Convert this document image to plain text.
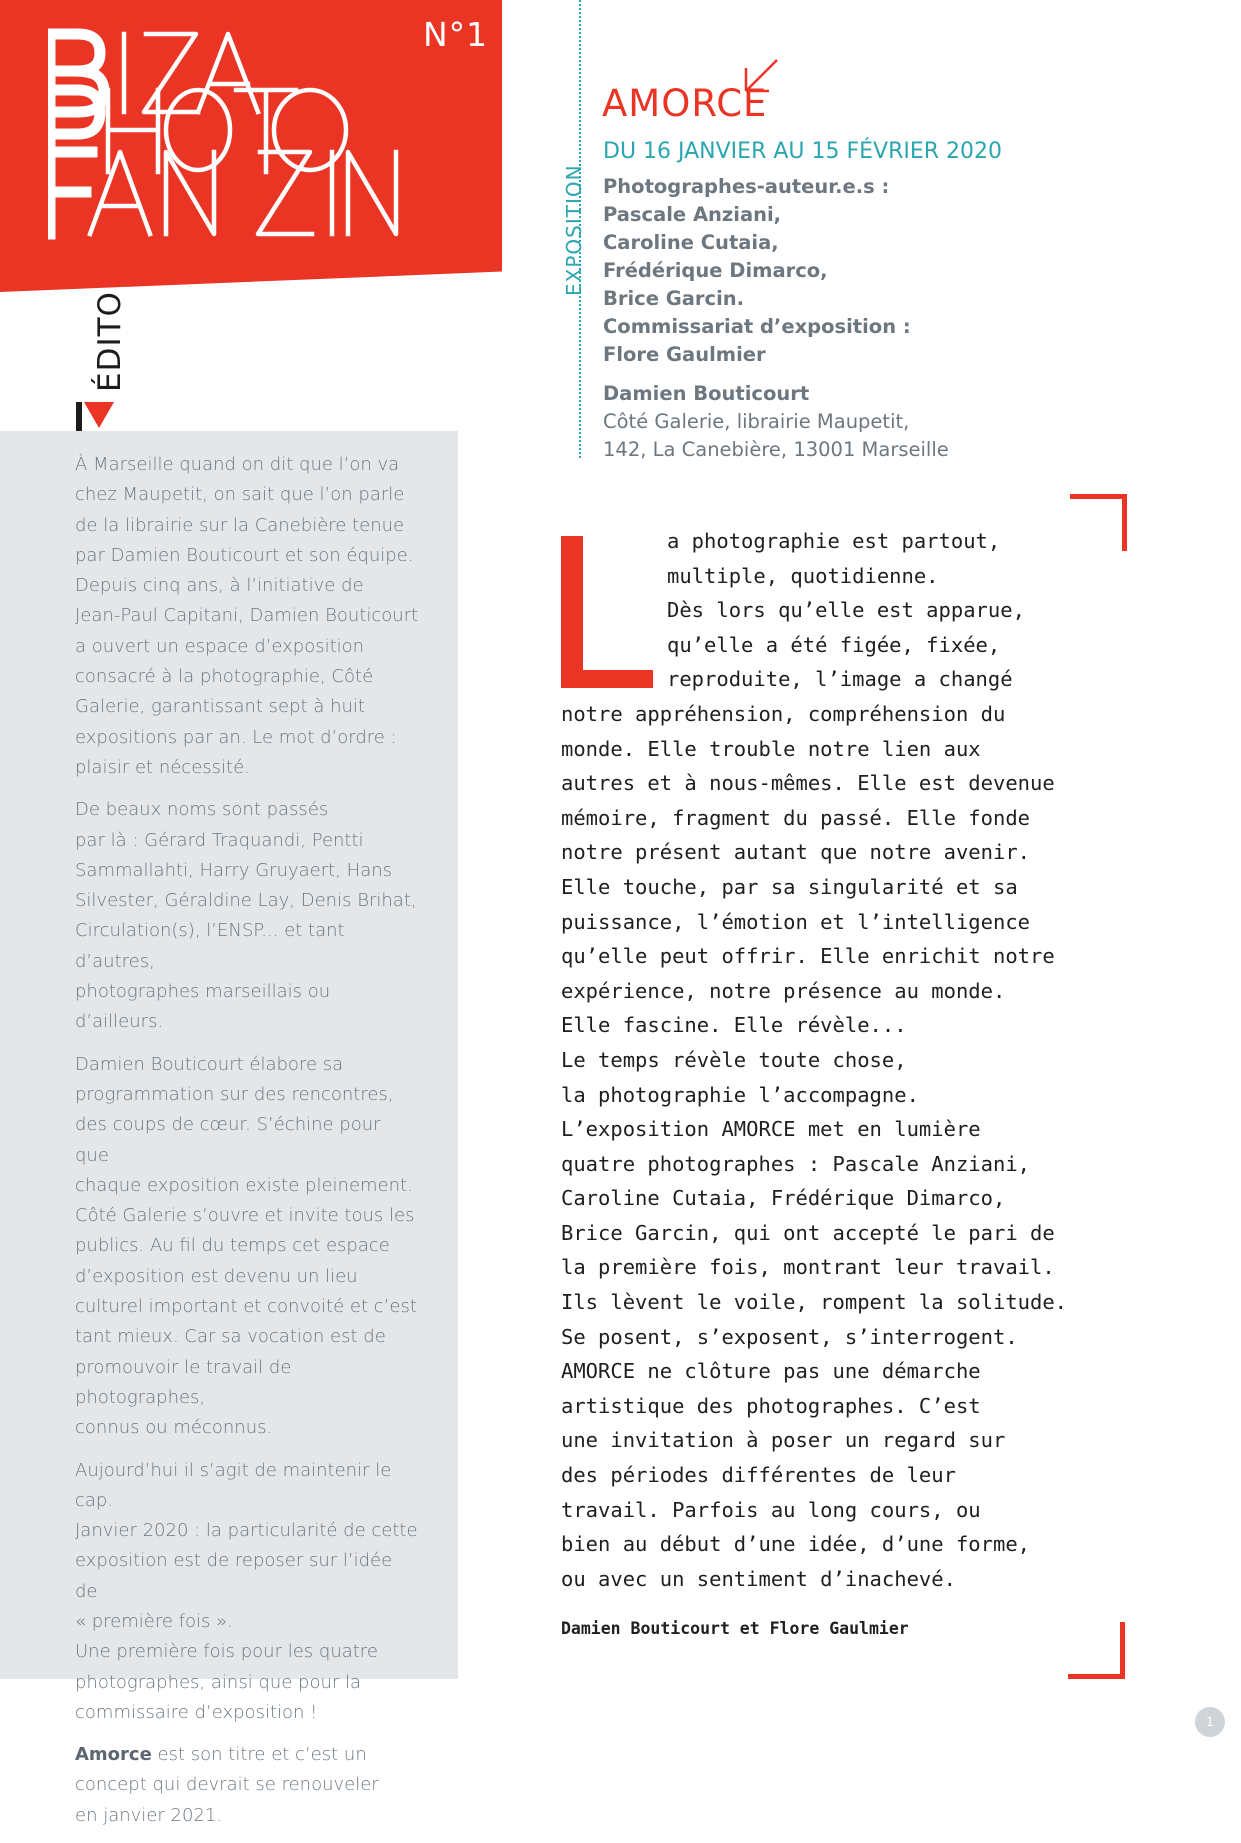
N°1
ÉDITO

À Marseille quand on dit que l’on va
chez Maupetit, on sait que l’on parle
de la librairie sur la Canebière tenue
par Damien Bouticourt et son équipe.
Depuis cinq ans, à l’initiative de
Jean-Paul Capitani, Damien Bouticourt
a ouvert un espace d’exposition
consacré à la photographie, Côté
Galerie, garantissant sept à huit
expositions par an. Le mot d’ordre :
plaisir et nécessité.

De beaux noms sont passés
par là : Gérard Traquandi, Pentti
Sammallahti, Harry Gruyaert, Hans
Silvester, Géraldine Lay, Denis Brihat,
Circulation(s), l’ENSP... et tant d’autres,
photographes marseillais ou d’ailleurs.

Damien Bouticourt élabore sa
programmation sur des rencontres,
des coups de cœur. S’échine pour que
chaque exposition existe pleinement.
Côté Galerie s’ouvre et invite tous les
publics. Au fil du temps cet espace
d’exposition est devenu un lieu
culturel important et convoité et c’est
tant mieux. Car sa vocation est de
promouvoir le travail de photographes,
connus ou méconnus.

Aujourd’hui il s’agit de maintenir le cap.
Janvier 2020 : la particularité de cette
exposition est de reposer sur l’idée de
« première fois ».
Une première fois pour les quatre
photographes, ainsi que pour la
commissaire d’exposition !

Amorce est son titre et c’est un
concept qui devrait se renouveler
en janvier 2021.

EXPOSITION
AMORCE
DU 16 JANVIER AU 15 FÉVRIER 2020
Photographes-auteur.e.s :
Pascale Anziani,
Caroline Cutaia,
Frédérique Dimarco,
Brice Garcin.
Commissariat d’exposition :
Flore Gaulmier
Damien Bouticourt
Côté Galerie, librairie Maupetit,
142, La Canebière, 13001 Marseille
a photographie est partout,
multiple, quotidienne.
Dès lors qu’elle est apparue,
qu’elle a été figée, fixée,
reproduite, l’image a changé
notre appréhension, compréhension du
monde. Elle trouble notre lien aux
autres et à nous-mêmes. Elle est devenue
mémoire, fragment du passé. Elle fonde
notre présent autant que notre avenir.
Elle touche, par sa singularité et sa
puissance, l’émotion et l’intelligence
qu’elle peut offrir. Elle enrichit notre
expérience, notre présence au monde.
Elle fascine. Elle révèle...
Le temps révèle toute chose,
la photographie l’accompagne.
L’exposition AMORCE met en lumière
quatre photographes : Pascale Anziani,
Caroline Cutaia, Frédérique Dimarco,
Brice Garcin, qui ont accepté le pari de
la première fois, montrant leur travail.
Ils lèvent le voile, rompent la solitude.
Se posent, s’exposent, s’interrogent.
AMORCE ne clôture pas une démarche
artistique des photographes. C’est
une invitation à poser un regard sur
des périodes différentes de leur
travail. Parfois au long cours, ou
bien au début d’une idée, d’une forme,
ou avec un sentiment d’inachevé.
Damien Bouticourt et Flore Gaulmier
1
